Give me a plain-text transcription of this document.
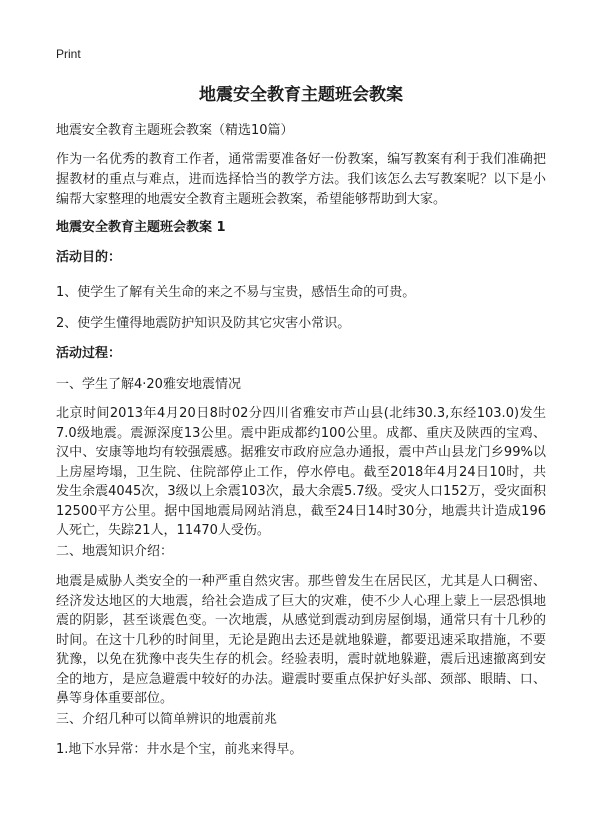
Print
地震安全教育主题班会教案

地震安全教育主题班会教案（精选10篇）

作为一名优秀的教育工作者，通常需要准备好一份教案，编写教案有利于我们准确把握教材的重点与难点，进而选择恰当的教学方法。我们该怎么去写教案呢？以下是小编帮大家整理的地震安全教育主题班会教案，希望能够帮助到大家。

地震安全教育主题班会教案 1

活动目的：

1、使学生了解有关生命的来之不易与宝贵，感悟生命的可贵。

2、使学生懂得地震防护知识及防其它灾害小常识。

活动过程：

一、学生了解4·20雅安地震情况

北京时间2013年4月20日8时02分四川省雅安市芦山县(北纬30.3,东经103.0)发生7.0级地震。震源深度13公里。震中距成都约100公里。成都、重庆及陕西的宝鸡、汉中、安康等地均有较强震感。据雅安市政府应急办通报，震中芦山县龙门乡99%以上房屋垮塌，卫生院、住院部停止工作，停水停电。截至2018年4月24日10时，共发生余震4045次，3级以上余震103次，最大余震5.7级。受灾人口152万，受灾面积12500平方公里。据中国地震局网站消息，截至24日14时30分，地震共计造成196人死亡，失踪21人，11470人受伤。

二、地震知识介绍：

地震是威胁人类安全的一种严重自然灾害。那些曾发生在居民区，尤其是人口稠密、经济发达地区的大地震，给社会造成了巨大的灾难，使不少人心理上蒙上一层恐惧地震的阴影，甚至谈震色变。一次地震，从感觉到震动到房屋倒塌，通常只有十几秒的时间。在这十几秒的时间里，无论是跑出去还是就地躲避，都要迅速采取措施，不要犹豫，以免在犹豫中丧失生存的机会。经验表明，震时就地躲避，震后迅速撤离到安全的地方，是应急避震中较好的办法。避震时要重点保护好头部、颈部、眼睛、口、鼻等身体重要部位。

三、介绍几种可以简单辨识的地震前兆

1.地下水异常：井水是个宝，前兆来得早。
